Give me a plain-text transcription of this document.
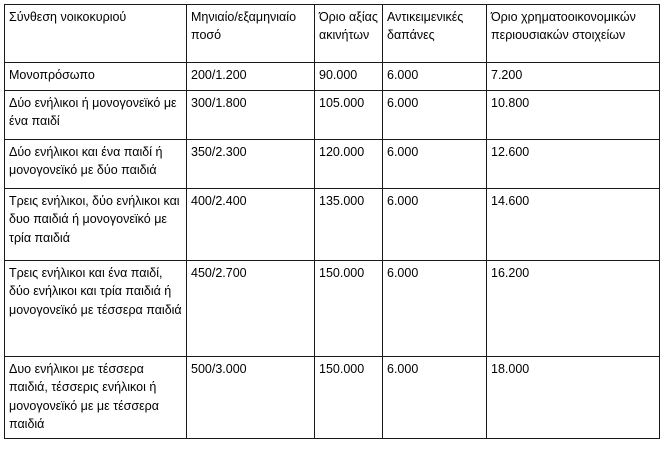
Σύνθεση νοικοκυριού	Μηνιαίο/εξαμηνιαίο ποσό	Όριο αξίας ακινήτων	Αντικειμενικές δαπάνες	Όριο χρηματοοικονομικών περιουσιακών στοιχείων
Μονοπρόσωπο	200/1.200	90.000	6.000	7.200
Δύο ενήλικοι ή μονογονεϊκό με ένα παιδί	300/1.800	105.000	6.000	10.800
Δύο ενήλικοι και ένα παιδί ή μονογονεϊκό με δύο παιδιά	350/2.300	120.000	6.000	12.600
Τρεις ενήλικοι, δύο ενήλικοι και δυο παιδιά ή μονογονεϊκό με τρία παιδιά	400/2.400	135.000	6.000	14.600
Τρεις ενήλικοι και ένα παιδί, δύο ενήλικοι και τρία παιδιά ή μονογονεϊκό με τέσσερα παιδιά	450/2.700	150.000	6.000	16.200
Δυο ενήλικοι με τέσσερα παιδιά, τέσσερις ενήλικοι ή μονογονεϊκό με με τέσσερα παιδιά	500/3.000	150.000	6.000	18.000
